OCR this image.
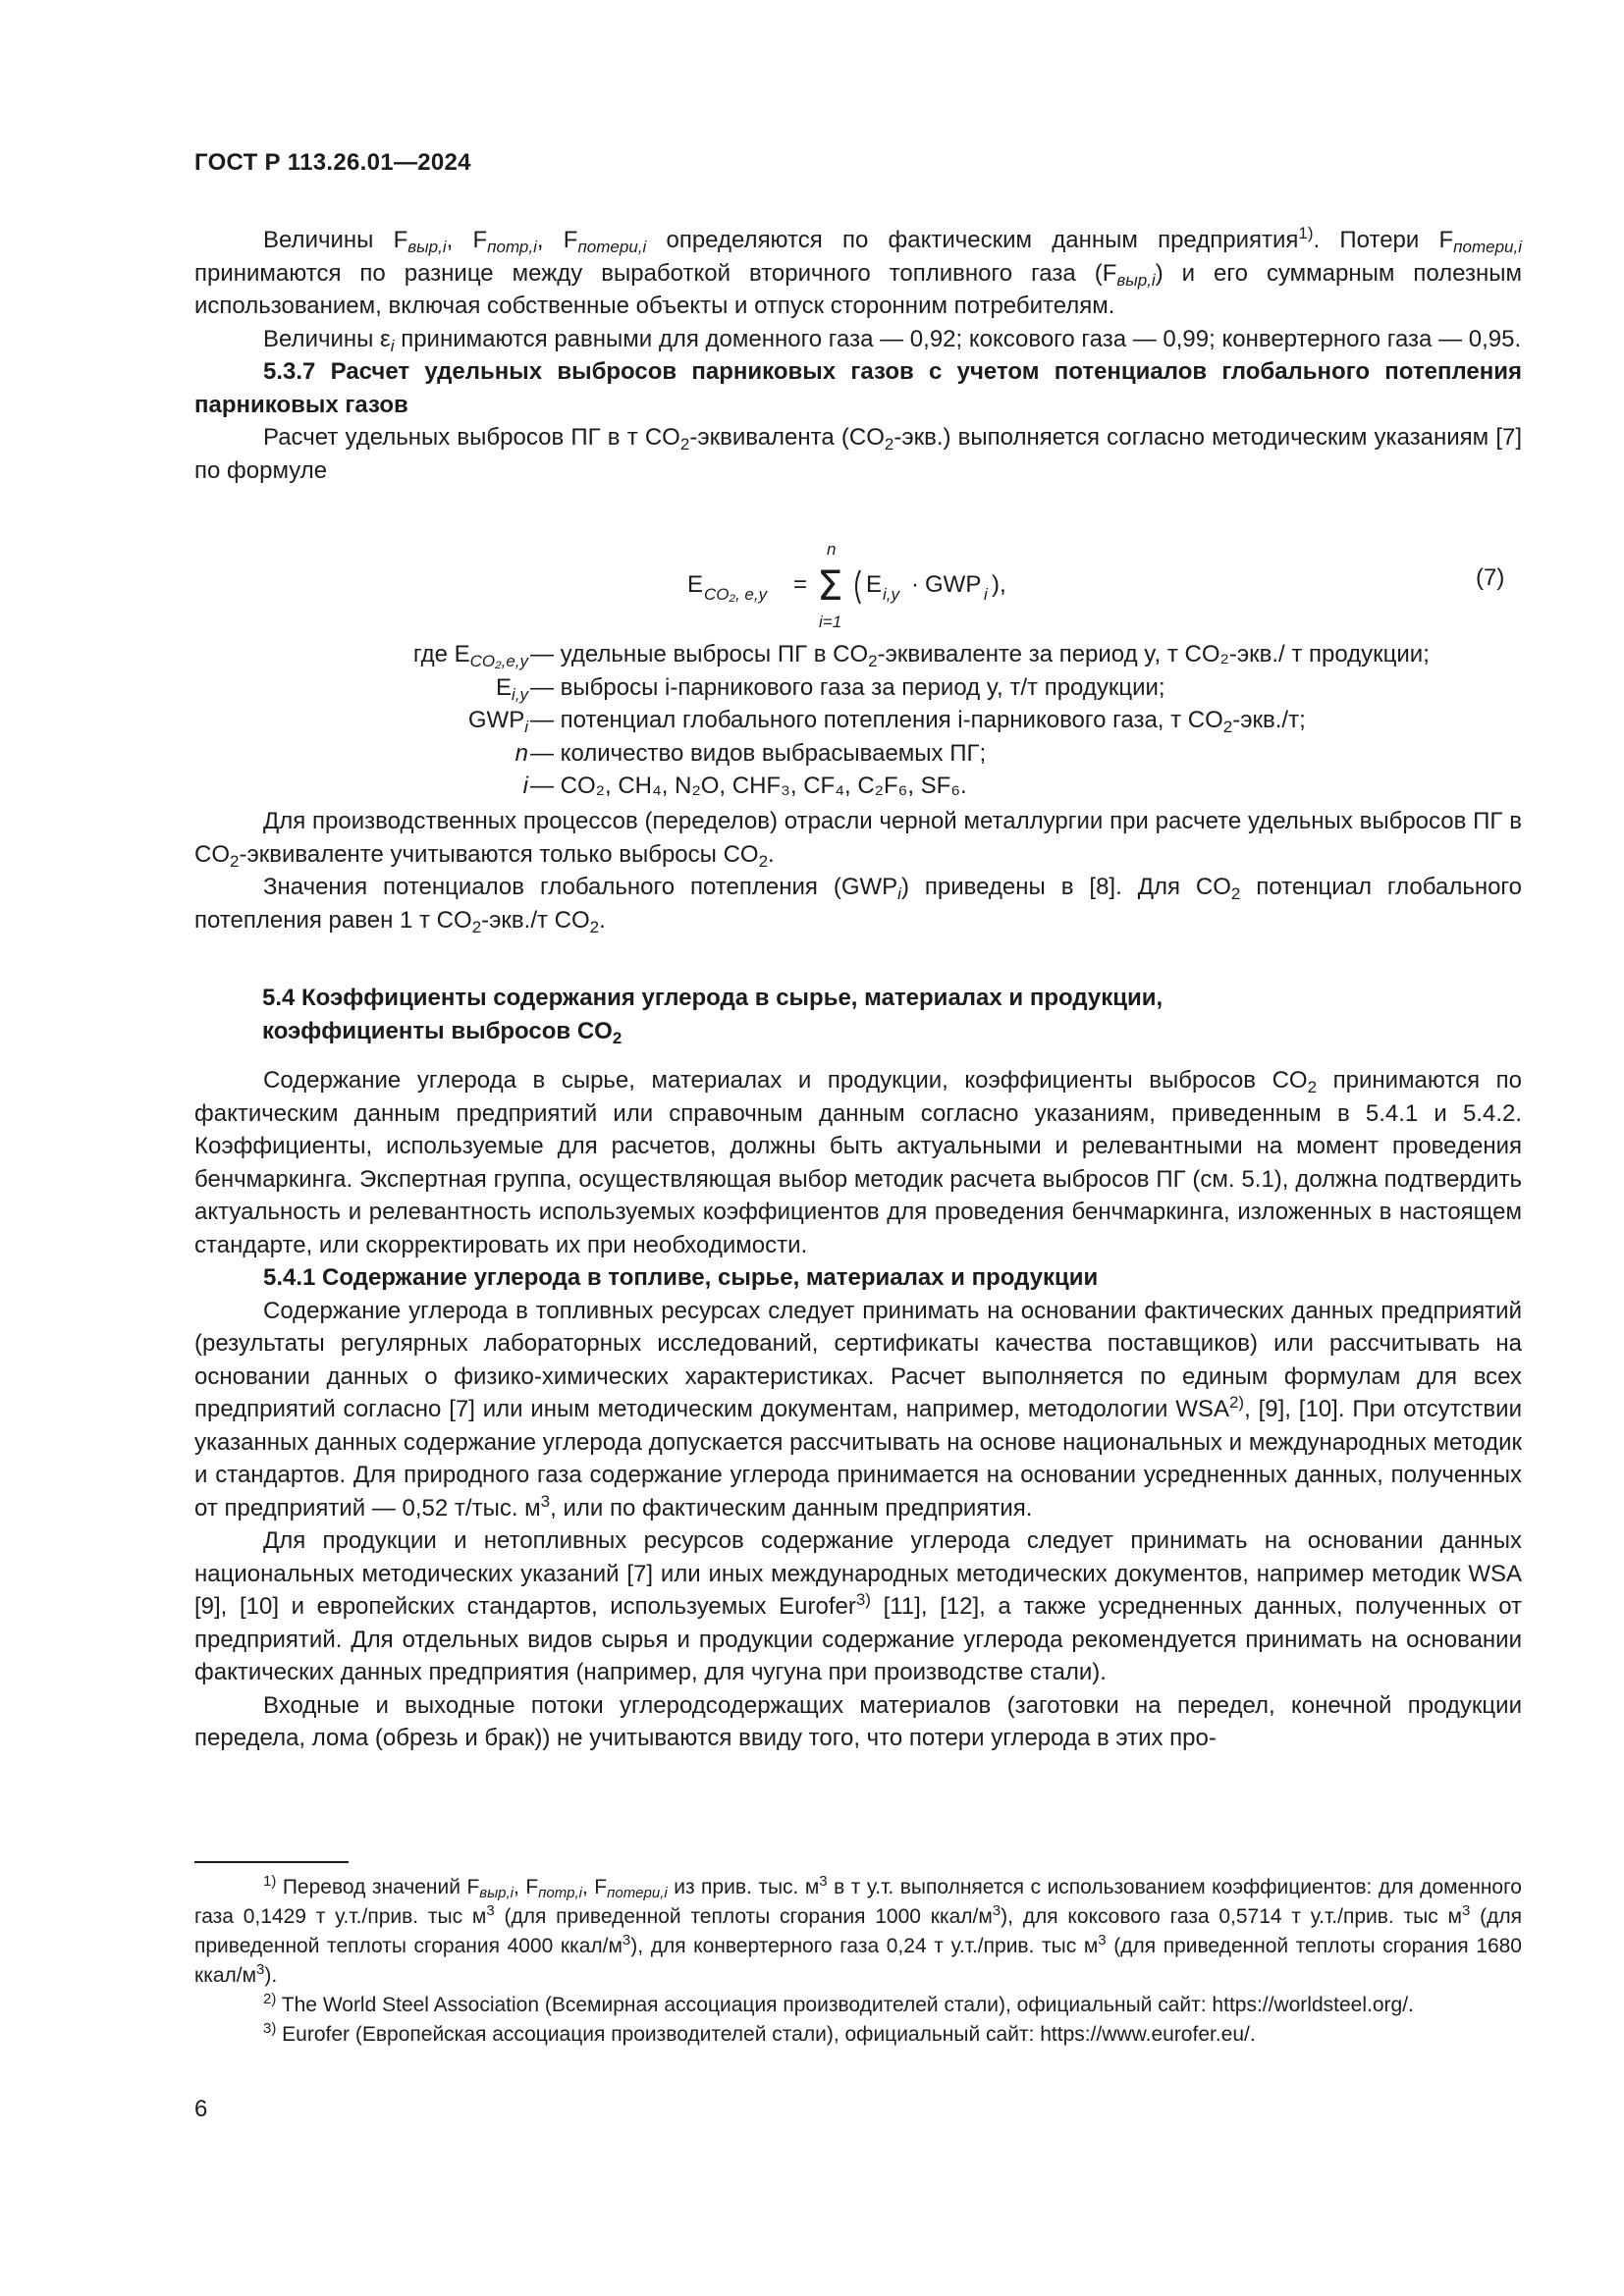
ГОСТ Р 113.26.01—2024

Величины $F_{выр,i}$, $F_{потр,i}$, $F_{потери,i}$ определяются по фактическим данным предприятия$^{1)}$. Потери $F_{потери,i}$ принимаются по разнице между выработкой вторичного топливного газа $(F_{выр,i})$ и его суммарным полезным использованием, включая собственные объекты и отпуск сторонним потребителям.

Величины $\varepsilon_i$ принимаются равными для доменного газа — 0,92; коксового газа — 0,99; конвертерного газа — 0,95.

5.3.7 Расчет удельных выбросов парниковых газов с учетом потенциалов глобального потепления парниковых газов

Расчет удельных выбросов ПГ в т $CO_2$-эквивалента $(CO_2-экв.)$ выполняется согласно методическим указаниям [7] по формуле

E CO₂, e,y =
n
Σ
i=1
E i,y · GWP i ),	(7)
где $E_{CO_2,e,y}$ — удельные выбросы ПГ в $CO_2$-эквиваленте за период y, т CO₂-экв./ т продукции;
$E_{i,y}$ — выбросы i-парникового газа за период y, т/т продукции;
$GWP_i$ — потенциал глобального потепления i-парникового газа, т $CO_2-экв./т$;
n — количество видов выбрасываемых ПГ;
i — CO₂, CH₄, N₂O, CHF₃, CF₄, C₂F₆, SF₆.

Для производственных процессов (переделов) отрасли черной металлургии при расчете удельных выбросов ПГ в $CO_2$-эквиваленте учитываются только выбросы $CO_2$.

Значения потенциалов глобального потепления $(GWP_i)$ приведены в [8]. Для $CO_2$ потенциал глобального потепления равен 1 т $CO_2-экв./т$ $CO_2$.

5.4 Коэффициенты содержания углерода в сырье, материалах и продукции,
коэффициенты выбросов $CO_2$

Содержание углерода в сырье, материалах и продукции, коэффициенты выбросов $CO_2$ принимаются по фактическим данным предприятий или справочным данным согласно указаниям, приведенным в 5.4.1 и 5.4.2. Коэффициенты, используемые для расчетов, должны быть актуальными и релевантными на момент проведения бенчмаркинга. Экспертная группа, осуществляющая выбор методик расчета выбросов ПГ (см. 5.1), должна подтвердить актуальность и релевантность используемых коэффициентов для проведения бенчмаркинга, изложенных в настоящем стандарте, или скорректировать их при необходимости.

5.4.1 Содержание углерода в топливе, сырье, материалах и продукции

Содержание углерода в топливных ресурсах следует принимать на основании фактических данных предприятий (результаты регулярных лабораторных исследований, сертификаты качества поставщиков) или рассчитывать на основании данных о физико-химических характеристиках. Расчет выполняется по единым формулам для всех предприятий согласно [7] или иным методическим документам, например, методологии WSA$^{2)}$, [9], [10]. При отсутствии указанных данных содержание углерода допускается рассчитывать на основе национальных и международных методик и стандартов. Для природного газа содержание углерода принимается на основании усредненных данных, полученных от предприятий — 0,52 т/тыс. $м^3$, или по фактическим данным предприятия.

Для продукции и нетопливных ресурсов содержание углерода следует принимать на основании данных национальных методических указаний [7] или иных международных методических документов, например методик WSA [9], [10] и европейских стандартов, используемых Eurofer$^{3)}$ [11], [12], а также усредненных данных, полученных от предприятий. Для отдельных видов сырья и продукции содержание углерода рекомендуется принимать на основании фактических данных предприятия (например, для чугуна при производстве стали).

Входные и выходные потоки углеродсодержащих материалов (заготовки на передел, конечной продукции передела, лома (обрезь и брак)) не учитываются ввиду того, что потери углерода в этих про-

$^{1)}$ Перевод значений $F_{выр,i}$, $F_{потр,i}$, $F_{потери,i}$ из прив. тыс. $м^3$ в т у.т. выполняется с использованием коэффициентов: для доменного газа 0,1429 т у.т./прив. тыс $м^3$ (для приведенной теплоты сгорания 1000 ккал/$м^3$), для коксового газа 0,5714 т у.т./прив. тыс $м^3$ (для приведенной теплоты сгорания 4000 ккал/$м^3$), для конвертерного газа 0,24 т у.т./прив. тыс $м^3$ (для приведенной теплоты сгорания 1680 ккал/$м^3$).

$^{2)}$ The World Steel Association (Всемирная ассоциация производителей стали), официальный сайт: https://worldsteel.org/.

$^{3)}$ Eurofer (Европейская ассоциация производителей стали), официальный сайт: https://www.eurofer.eu/.

6
